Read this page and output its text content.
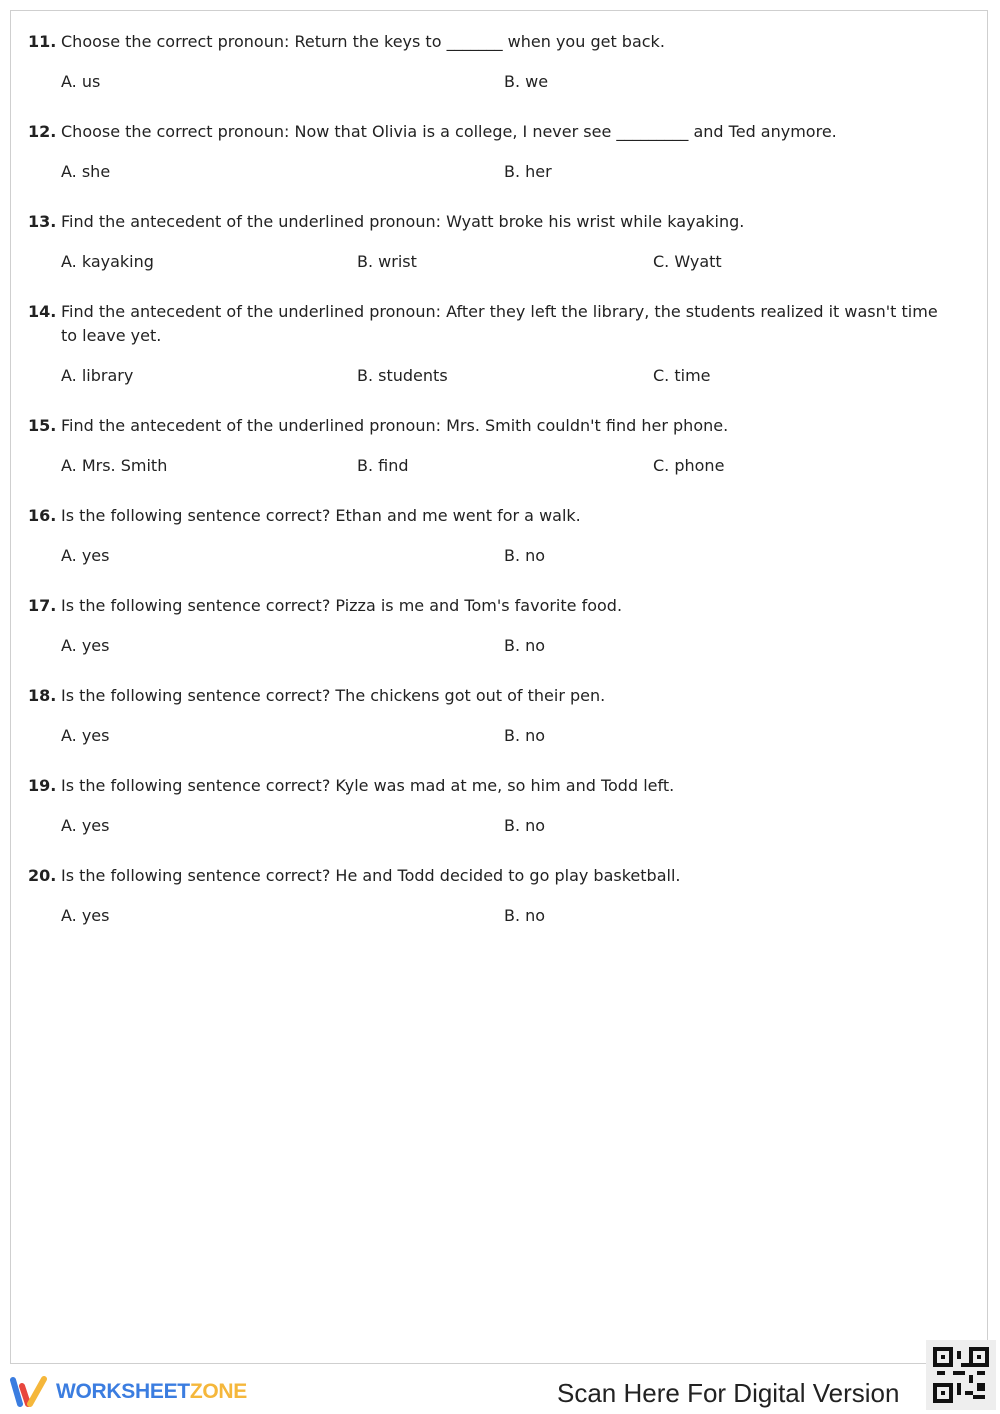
11. Choose the correct pronoun: Return the keys to _______ when you get back.
A. us	B. we
12. Choose the correct pronoun: Now that Olivia is a college, I never see _________ and Ted anymore.
A. she	B. her
13. Find the antecedent of the underlined pronoun: Wyatt broke his wrist while kayaking.
A. kayaking	B. wrist	C. Wyatt
14. Find the antecedent of the underlined pronoun: After they left the library, the students realized it wasn't time to leave yet.
A. library	B. students	C. time
15. Find the antecedent of the underlined pronoun: Mrs. Smith couldn't find her phone.
A. Mrs. Smith	B. find	C. phone
16. Is the following sentence correct? Ethan and me went for a walk.
A. yes	B. no
17. Is the following sentence correct? Pizza is me and Tom's favorite food.
A. yes	B. no
18. Is the following sentence correct? The chickens got out of their pen.
A. yes	B. no
19. Is the following sentence correct? Kyle was mad at me, so him and Todd left.
A. yes	B. no
20. Is the following sentence correct? He and Todd decided to go play basketball.
A. yes	B. no
WORKSHEETZONE	Scan Here For Digital Version
